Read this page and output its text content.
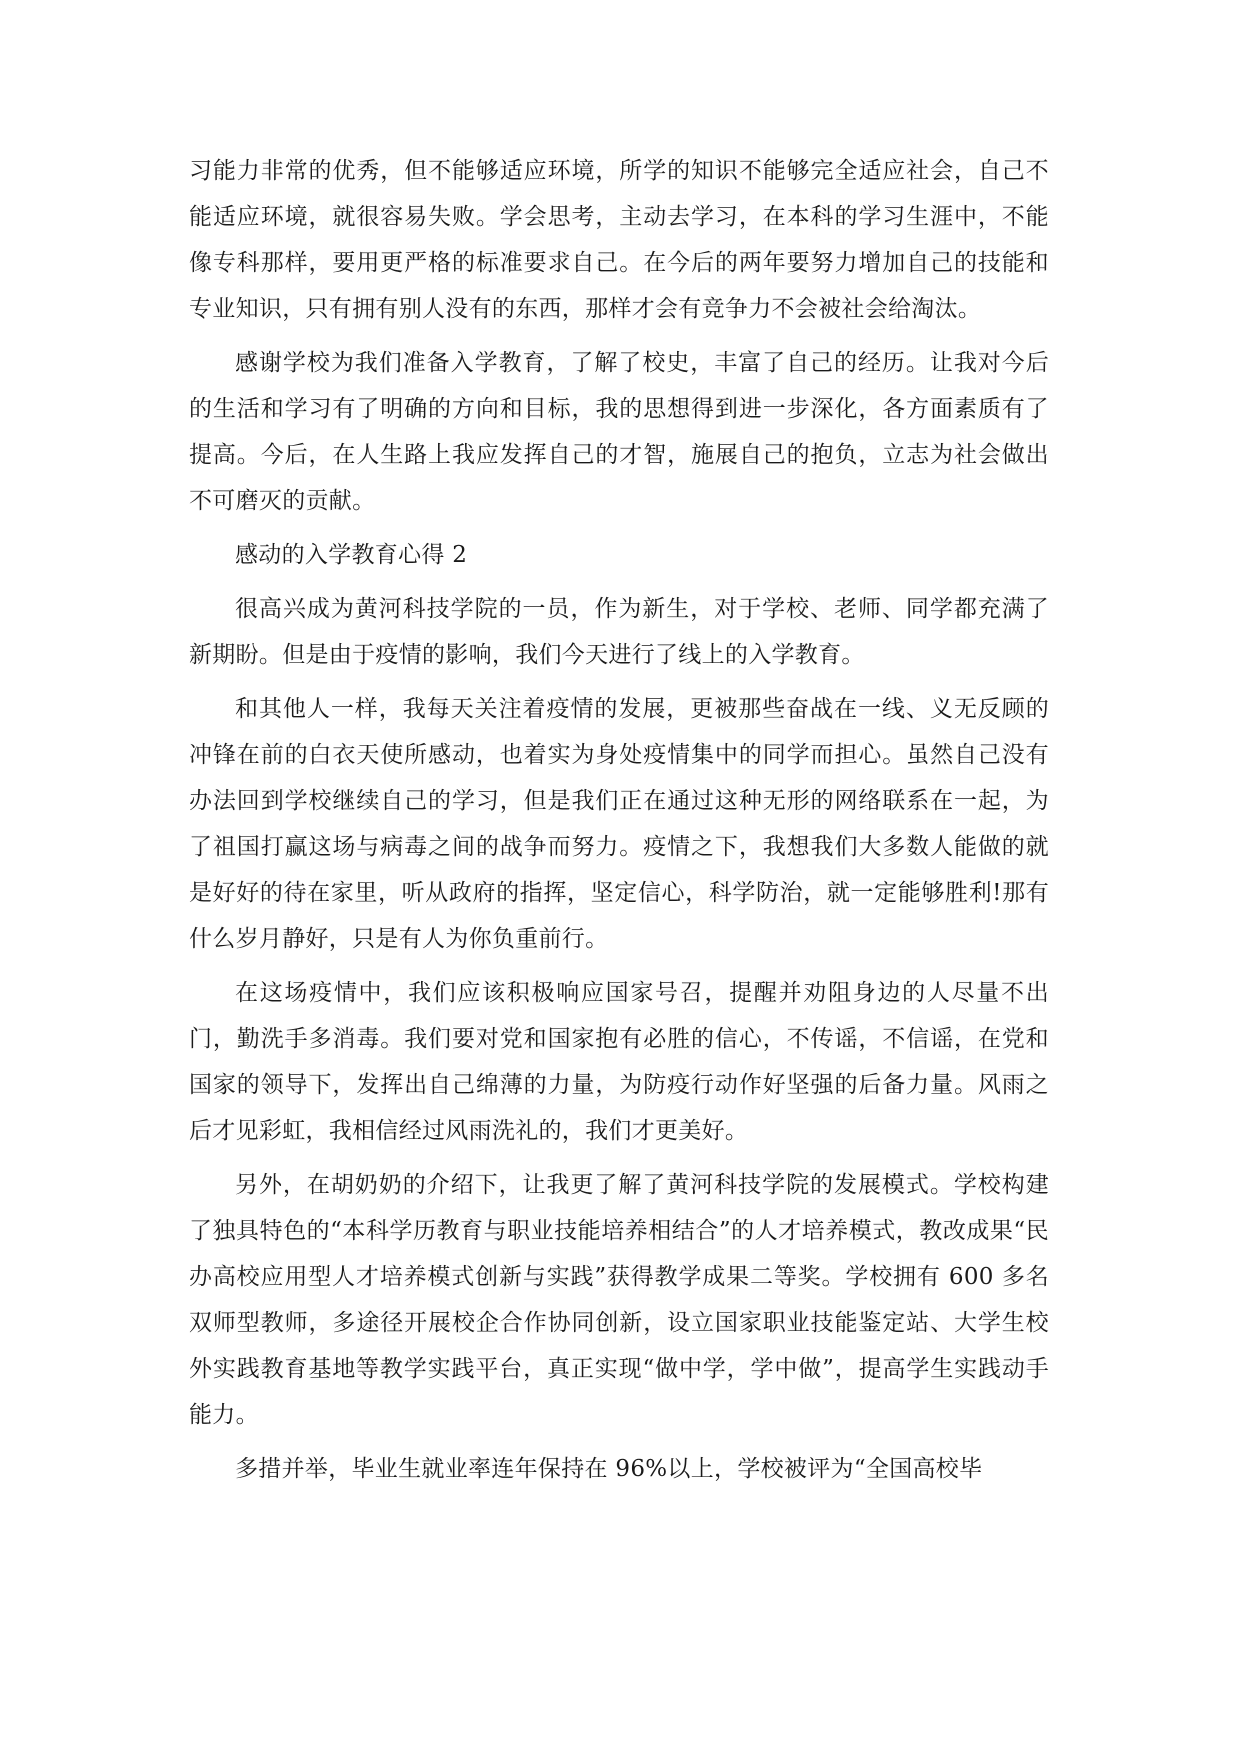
习能力非常的优秀，但不能够适应环境，所学的知识不能够完全适应社会，自己不能适应环境，就很容易失败。学会思考，主动去学习，在本科的学习生涯中，不能像专科那样，要用更严格的标准要求自己。在今后的两年要努力增加自己的技能和专业知识，只有拥有别人没有的东西，那样才会有竞争力不会被社会给淘汰。

感谢学校为我们准备入学教育，了解了校史，丰富了自己的经历。让我对今后的生活和学习有了明确的方向和目标，我的思想得到进一步深化，各方面素质有了提高。今后，在人生路上我应发挥自己的才智，施展自己的抱负，立志为社会做出不可磨灭的贡献。

感动的入学教育心得 2

很高兴成为黄河科技学院的一员，作为新生，对于学校、老师、同学都充满了新期盼。但是由于疫情的影响，我们今天进行了线上的入学教育。

和其他人一样，我每天关注着疫情的发展，更被那些奋战在一线、义无反顾的冲锋在前的白衣天使所感动，也着实为身处疫情集中的同学而担心。虽然自己没有办法回到学校继续自己的学习，但是我们正在通过这种无形的网络联系在一起，为了祖国打赢这场与病毒之间的战争而努力。疫情之下，我想我们大多数人能做的就是好好的待在家里，听从政府的指挥，坚定信心，科学防治，就一定能够胜利!那有什么岁月静好，只是有人为你负重前行。

在这场疫情中，我们应该积极响应国家号召，提醒并劝阻身边的人尽量不出门，勤洗手多消毒。我们要对党和国家抱有必胜的信心，不传谣，不信谣，在党和国家的领导下，发挥出自己绵薄的力量，为防疫行动作好坚强的后备力量。风雨之后才见彩虹，我相信经过风雨洗礼的，我们才更美好。

另外，在胡奶奶的介绍下，让我更了解了黄河科技学院的发展模式。学校构建了独具特色的“本科学历教育与职业技能培养相结合”的人才培养模式，教改成果“民办高校应用型人才培养模式创新与实践”获得教学成果二等奖。学校拥有 600 多名双师型教师，多途径开展校企合作协同创新，设立国家职业技能鉴定站、大学生校外实践教育基地等教学实践平台，真正实现“做中学，学中做”，提高学生实践动手能力。

多措并举，毕业生就业率连年保持在 96%以上，学校被评为“全国高校毕
